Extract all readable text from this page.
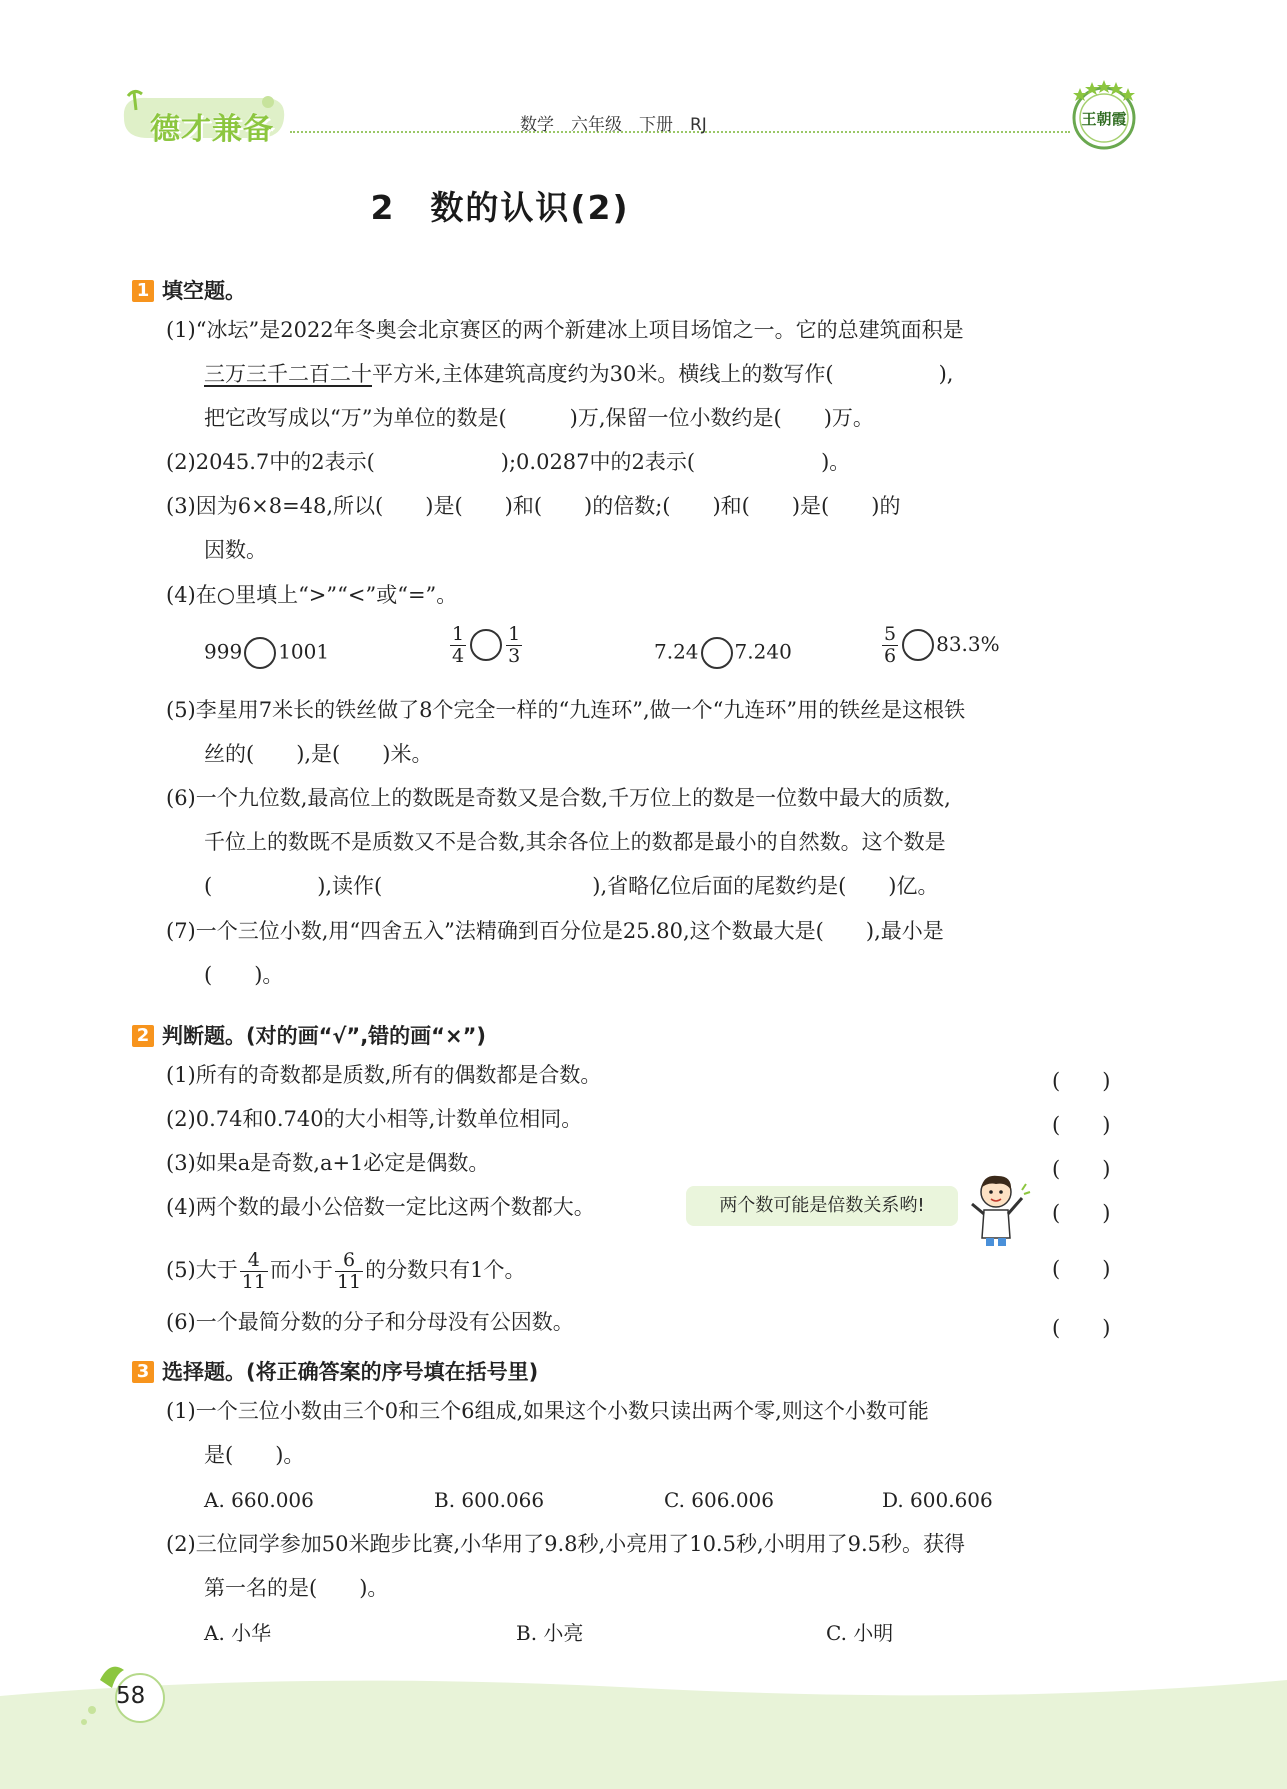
德才兼备	数学　六年级　下册　RJ	王朝霞
2　数的认识(2)
1 填空题。
(1)“冰坛”是2022年冬奥会北京赛区的两个新建冰上项目场馆之一。它的总建筑面积是
三万三千二百二十平方米,主体建筑高度约为30米。横线上的数写作(　　　　　),
把它改写成以“万”为单位的数是(　　　)万,保留一位小数约是(　　)万。
(2)2045.7中的2表示(　　　　　　);0.0287中的2表示(　　　　　　)。
(3)因为6×8=48,所以(　　)是(　　)和(　　)的倍数;(　　)和(　　)是(　　)的
因数。
(4)在○里填上“>”“<”或“=”。
999 1001	$\frac{1}{4} \frac{1}{3}$	7.24 7.240	$\frac{5}{6} 83.3\%$
(5)李星用7米长的铁丝做了8个完全一样的“九连环”,做一个“九连环”用的铁丝是这根铁
丝的(　　),是(　　)米。
(6)一个九位数,最高位上的数既是奇数又是合数,千万位上的数是一位数中最大的质数,
千位上的数既不是质数又不是合数,其余各位上的数都是最小的自然数。这个数是
(　　　　　),读作(　　　　　　　　　　),省略亿位后面的尾数约是(　　)亿。
(7)一个三位小数,用“四舍五入”法精确到百分位是25.80,这个数最大是(　　),最小是
(　　)。
2 判断题。(对的画“√”,错的画“×”)
(1)所有的奇数都是质数,所有的偶数都是合数。	(　　)
(2)0.74和0.740的大小相等,计数单位相同。	(　　)
(3)如果a是奇数,a+1必定是偶数。	(　　)
(4)两个数的最小公倍数一定比这两个数都大。	(　　)
两个数可能是倍数关系哟!
(5)大于 $\frac{4}{11}$ 而小于 $\frac{6}{11}$ 的分数只有1个。	(　　)
(6)一个最简分数的分子和分母没有公因数。	(　　)
3 选择题。(将正确答案的序号填在括号里)
(1)一个三位小数由三个0和三个6组成,如果这个小数只读出两个零,则这个小数可能
是(　　)。
A. 660.006	B. 600.066	C. 606.006	D. 600.606
(2)三位同学参加50米跑步比赛,小华用了9.8秒,小亮用了10.5秒,小明用了9.5秒。获得
第一名的是(　　)。
A. 小华	B. 小亮	C. 小明
58
